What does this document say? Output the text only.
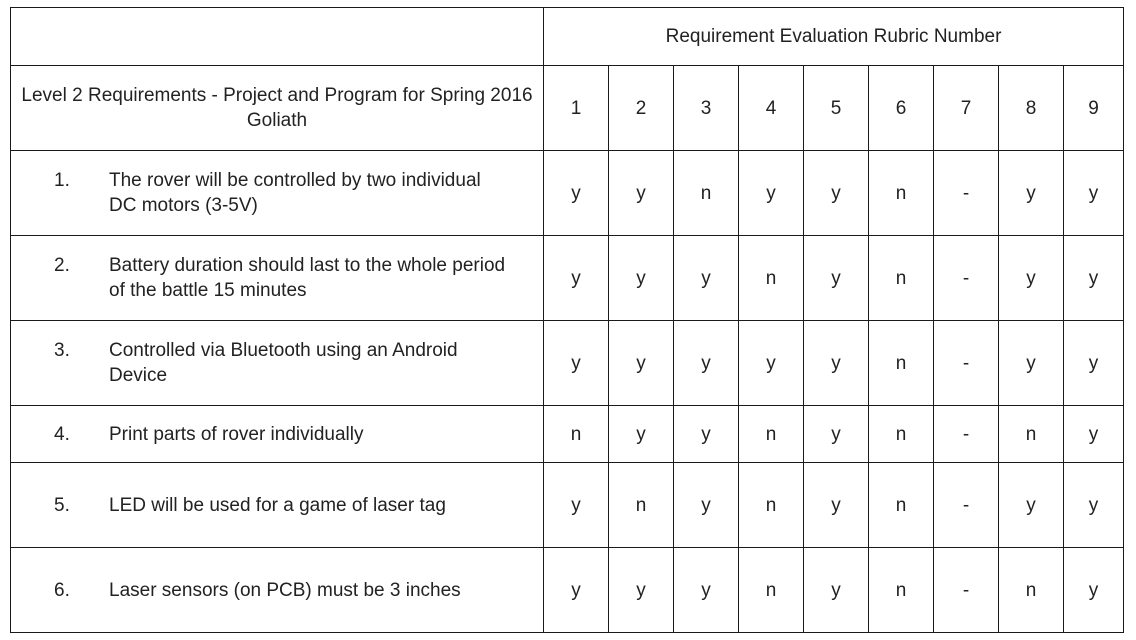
	Requirement Evaluation Rubric Number								
Level 2 Requirements - Project and Program for Spring 2016 Goliath	1	2	3	4	5	6	7	8	9

1. The rover will be controlled by two individual DC motors (3-5V)	y	y	n	y	y	n	-	y	y

2. Battery duration should last to the whole period of the battle 15 minutes	y	y	y	n	y	n	-	y	y

3. Controlled via Bluetooth using an Android Device	y	y	y	y	y	n	-	y	y

4. Print parts of rover individually	n	y	y	n	y	n	-	n	y

5. LED will be used for a game of laser tag	y	n	y	n	y	n	-	y	y

6. Laser sensors (on PCB) must be 3 inches	y	y	y	n	y	n	-	n	y
